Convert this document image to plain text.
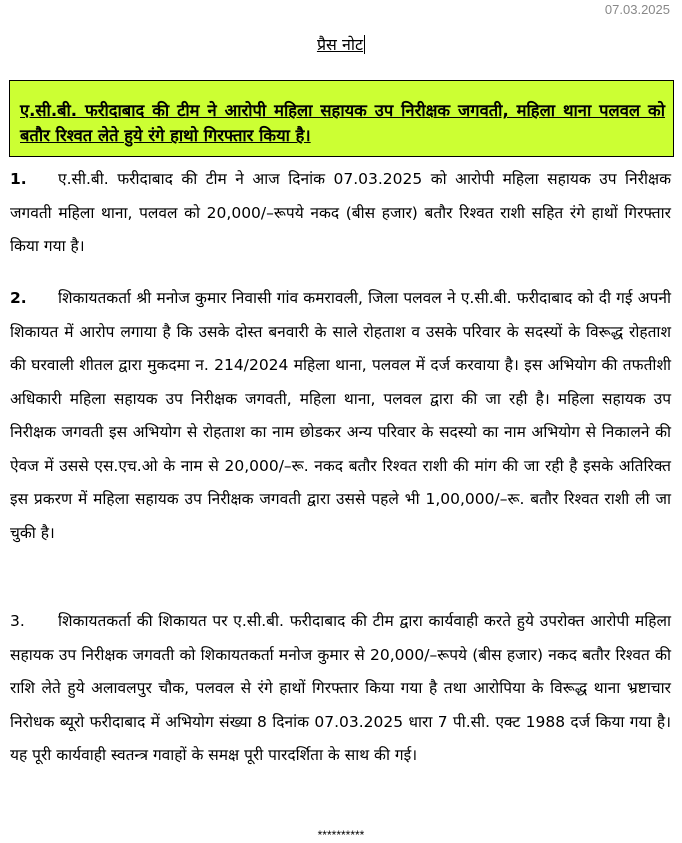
07.03.2025
प्रैस नोट

ए.सी.बी. फरीदाबाद की टीम ने आरोपी महिला सहायक उप निरीक्षक जगवती, महिला थाना पलवल को बतौर रिश्वत लेते हुये रंगे हाथो गिरफ्तार किया है।

1. ए.सी.बी. फरीदाबाद की टीम ने आज दिनांक 07.03.2025 को आरोपी महिला सहायक उप निरीक्षक जगवती महिला थाना, पलवल को 20,000/–रूपये नकद (बीस हजार) बतौर रिश्वत राशी सहित रंगे हाथों गिरफ्तार किया गया है।

2. शिकायतकर्ता श्री मनोज कुमार निवासी गांव कमरावली, जिला पलवल ने ए.सी.बी. फरीदाबाद को दी गई अपनी शिकायत में आरोप लगाया है कि उसके दोस्त बनवारी के साले रोहताश व उसके परिवार के सदस्यों के विरूद्ध रोहताश की घरवाली शीतल द्वारा मुकदमा न. 214/2024 महिला थाना, पलवल में दर्ज करवाया है। इस अभियोग की तफतीशी अधिकारी महिला सहायक उप निरीक्षक जगवती, महिला थाना, पलवल द्वारा की जा रही है। महिला सहायक उप निरीक्षक जगवती इस अभियोग से रोहताश का नाम छोडकर अन्य परिवार के सदस्यो का नाम अभियोग से निकालने की ऐवज में उससे एस.एच.ओ के नाम से 20,000/–रू. नकद बतौर रिश्वत राशी की मांग की जा रही है इसके अतिरिक्त इस प्रकरण में महिला सहायक उप निरीक्षक जगवती द्वारा उससे पहले भी 1,00,000/–रू. बतौर रिश्वत राशी ली जा चुकी है।

3. शिकायतकर्ता की शिकायत पर ए.सी.बी. फरीदाबाद की टीम द्वारा कार्यवाही करते हुये उपरोक्त आरोपी महिला सहायक उप निरीक्षक जगवती को शिकायतकर्ता मनोज कुमार से 20,000/–रूपये (बीस हजार) नकद बतौर रिश्वत की राशि लेते हुये अलावलपुर चौक, पलवल से रंगे हाथों गिरफ्तार किया गया है तथा आरोपिया के विरूद्ध थाना भ्रष्टाचार निरोधक ब्यूरो फरीदाबाद में अभियोग संख्या 8 दिनांक 07.03.2025 धारा 7 पी.सी. एक्ट 1988 दर्ज किया गया है। यह पूरी कार्यवाही स्वतन्त्र गवाहों के समक्ष पूरी पारदर्शिता के साथ की गई।

**********
